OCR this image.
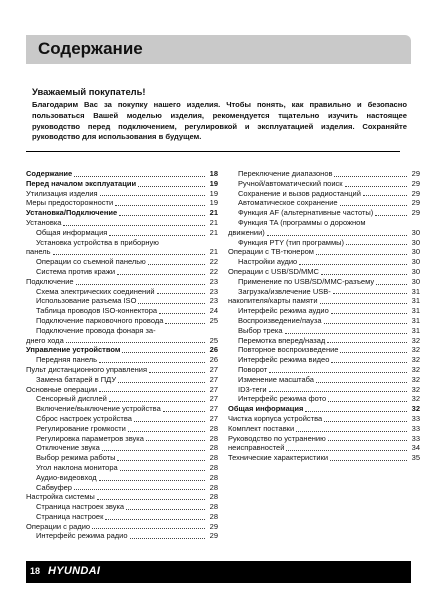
Содержание
Уважаемый покупатель!
Благодарим Вас за покупку нашего изделия. Чтобы понять, как правильно и безопасно пользоваться Вашей моделью изделия, рекомендуется тщательно изучить настоящее руководство перед подключением, регулировкой и эксплуатацией изделия. Сохраняйте руководство для использования в будущем.
Содержание	18
Перед началом эксплуатации	19
Утилизация изделия	19
Меры предосторожности	19
Установка/Подключение	21
Установка	21
Общая информация	21
Установка устройства в приборную
панель	21
Операции со съемной панелью	22
Система против кражи	22
Подключение	23
Схема электрических соединений	23
Использование разъема ISO	23
Таблица проводов ISO-коннектора	24
Подключение парковочного провода	25
Подключение провода фонаря за-
днего хода	25
Управление устройством	26
Передняя панель	26
Пульт дистанционного управления	27
Замена батарей в ПДУ	27
Основные операции	27
Сенсорный дисплей	27
Включение/выключение устройства	27
Сброс настроек устройства	27
Регулирование громкости	28
Регулировка параметров звука	28
Отключение звука	28
Выбор режима работы	28
Угол наклона монитора	28
Аудио-видеовход	28
Сабвуфер	28
Настройка системы	28
Страница настроек звука	28
Страница настроек	28
Операции с радио	29
Интерфейс режима радио	29
Переключение диапазонов	29
Ручной/автоматический поиск	29
Сохранение и вызов радиостанций	29
Автоматическое сохранение	29
Функция AF (альтернативные частоты)	29
Функция TA (программы о дорожном
движении)	30
Функция PTY (тип программы)	30
Операции с TB-тюнером	30
Настройки аудио	30
Операции с USB/SD/MMC	30
Применение по USB/SD/MMC-разъему	30
Загрузка/извлечение USB-	31
накопителя/карты памяти	31
Интерфейс режима аудио	31
Воспроизведение/пауза	31
Выбор трека	31
Перемотка вперед/назад	32
Повторное воспроизведение	32
Интерфейс режима видео	32
Поворот	32
Изменение масштаба	32
ID3-теги	32
Интерфейс режима фото	32
Общая информация	32
Чистка корпуса устройства	33
Комплект поставки	33
Руководство по устранению	33
неисправностей	34
Технические характеристики	35
18 HYUNDAI
